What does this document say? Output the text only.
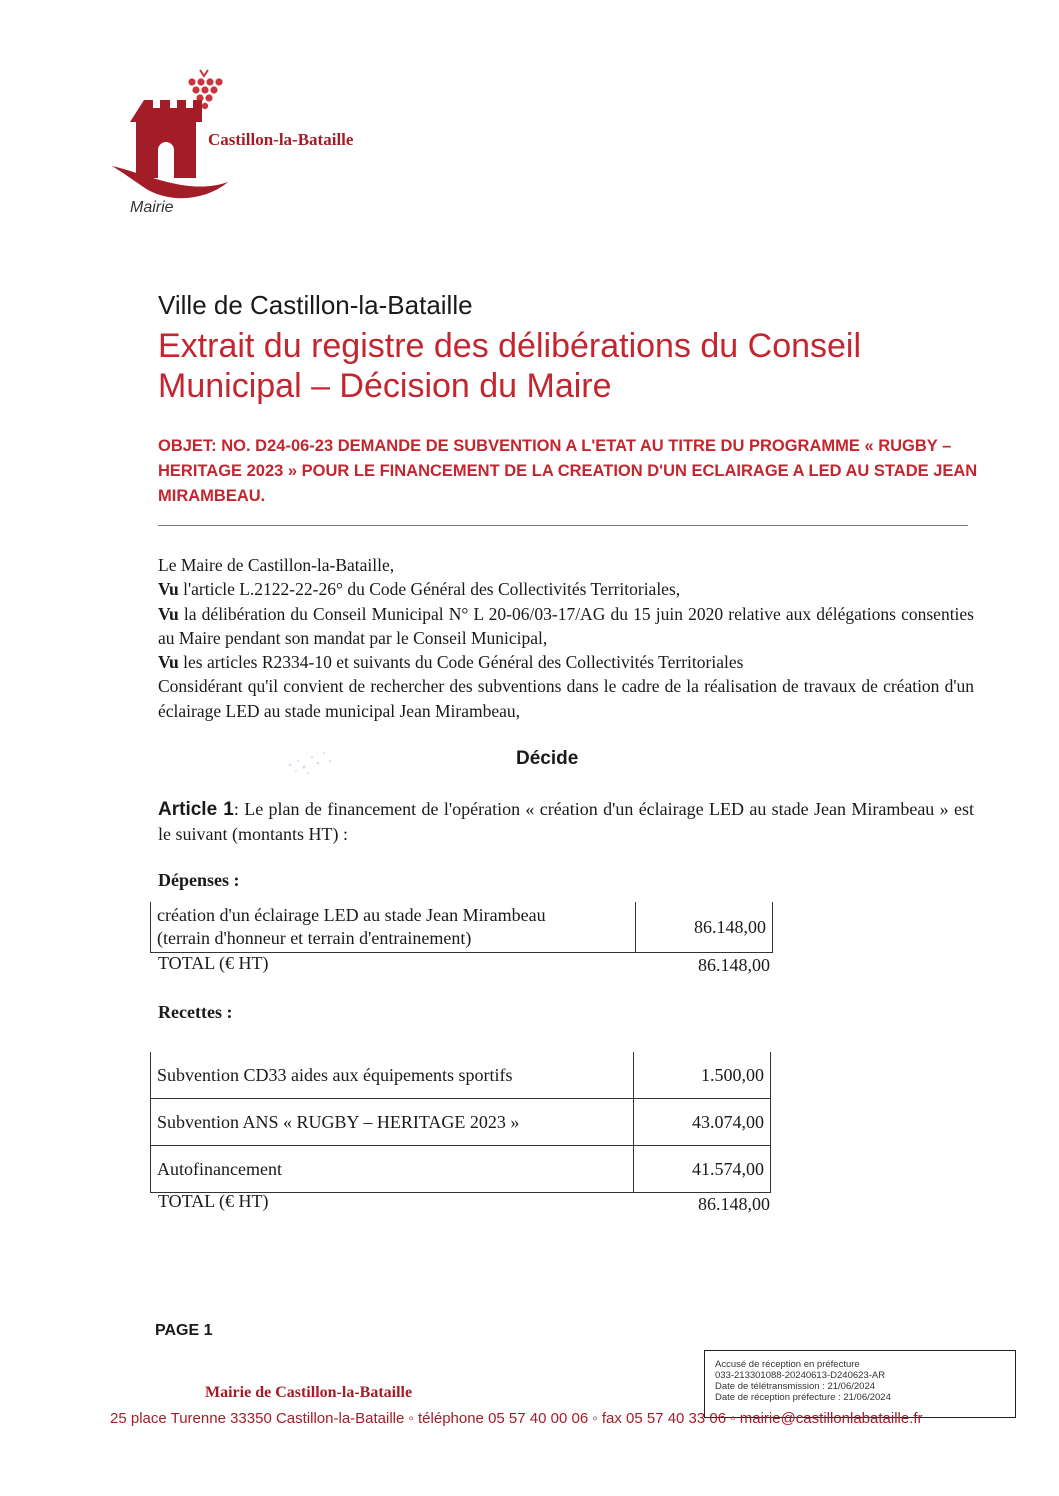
Castillon-la-Bataille
Mairie
Ville de Castillon-la-Bataille
Extrait du registre des délibérations du Conseil
Municipal – Décision du Maire
OBJET: NO. D24-06-23 DEMANDE DE SUBVENTION A L'ETAT AU TITRE DU PROGRAMME « RUGBY – HERITAGE 2023 » POUR LE FINANCEMENT DE LA CREATION D'UN ECLAIRAGE A LED AU STADE JEAN MIRAMBEAU.

Le Maire de Castillon-la-Bataille,

Vu l'article L.2122-22-26° du Code Général des Collectivités Territoriales,

Vu la délibération du Conseil Municipal N° L 20-06/03-17/AG du 15 juin 2020 relative aux délégations consenties au Maire pendant son mandat par le Conseil Municipal,

Vu les articles R2334-10 et suivants du Code Général des Collectivités Territoriales

Considérant qu'il convient de rechercher des subventions dans le cadre de la réalisation de travaux de création d'un éclairage LED au stade municipal Jean Mirambeau,

Décide
Article 1: Le plan de financement de l'opération « création d'un éclairage LED au stade Jean Mirambeau » est le suivant (montants HT) :
Dépenses :
création d'un éclairage LED au stade Jean Mirambeau
(terrain d'honneur et terrain d'entrainement)
	86.148,00
TOTAL (€ HT)	86.148,00
Recettes :
Subvention CD33 aides aux équipements sportifs	1.500,00
Subvention ANS « RUGBY – HERITAGE 2023 »	43.074,00
Autofinancement	41.574,00
TOTAL (€ HT)	86.148,00
PAGE 1
Accusé de réception en préfecture
033-213301088-20240613-D240623-AR
Date de télétransmission : 21/06/2024
Date de réception préfecture : 21/06/2024
Mairie de Castillon-la-Bataille
25 place Turenne 33350 Castillon-la-Bataille ◦ téléphone 05 57 40 00 06 ◦ fax 05 57 40 33 06 ◦ mairie@castillonlabataille.fr
